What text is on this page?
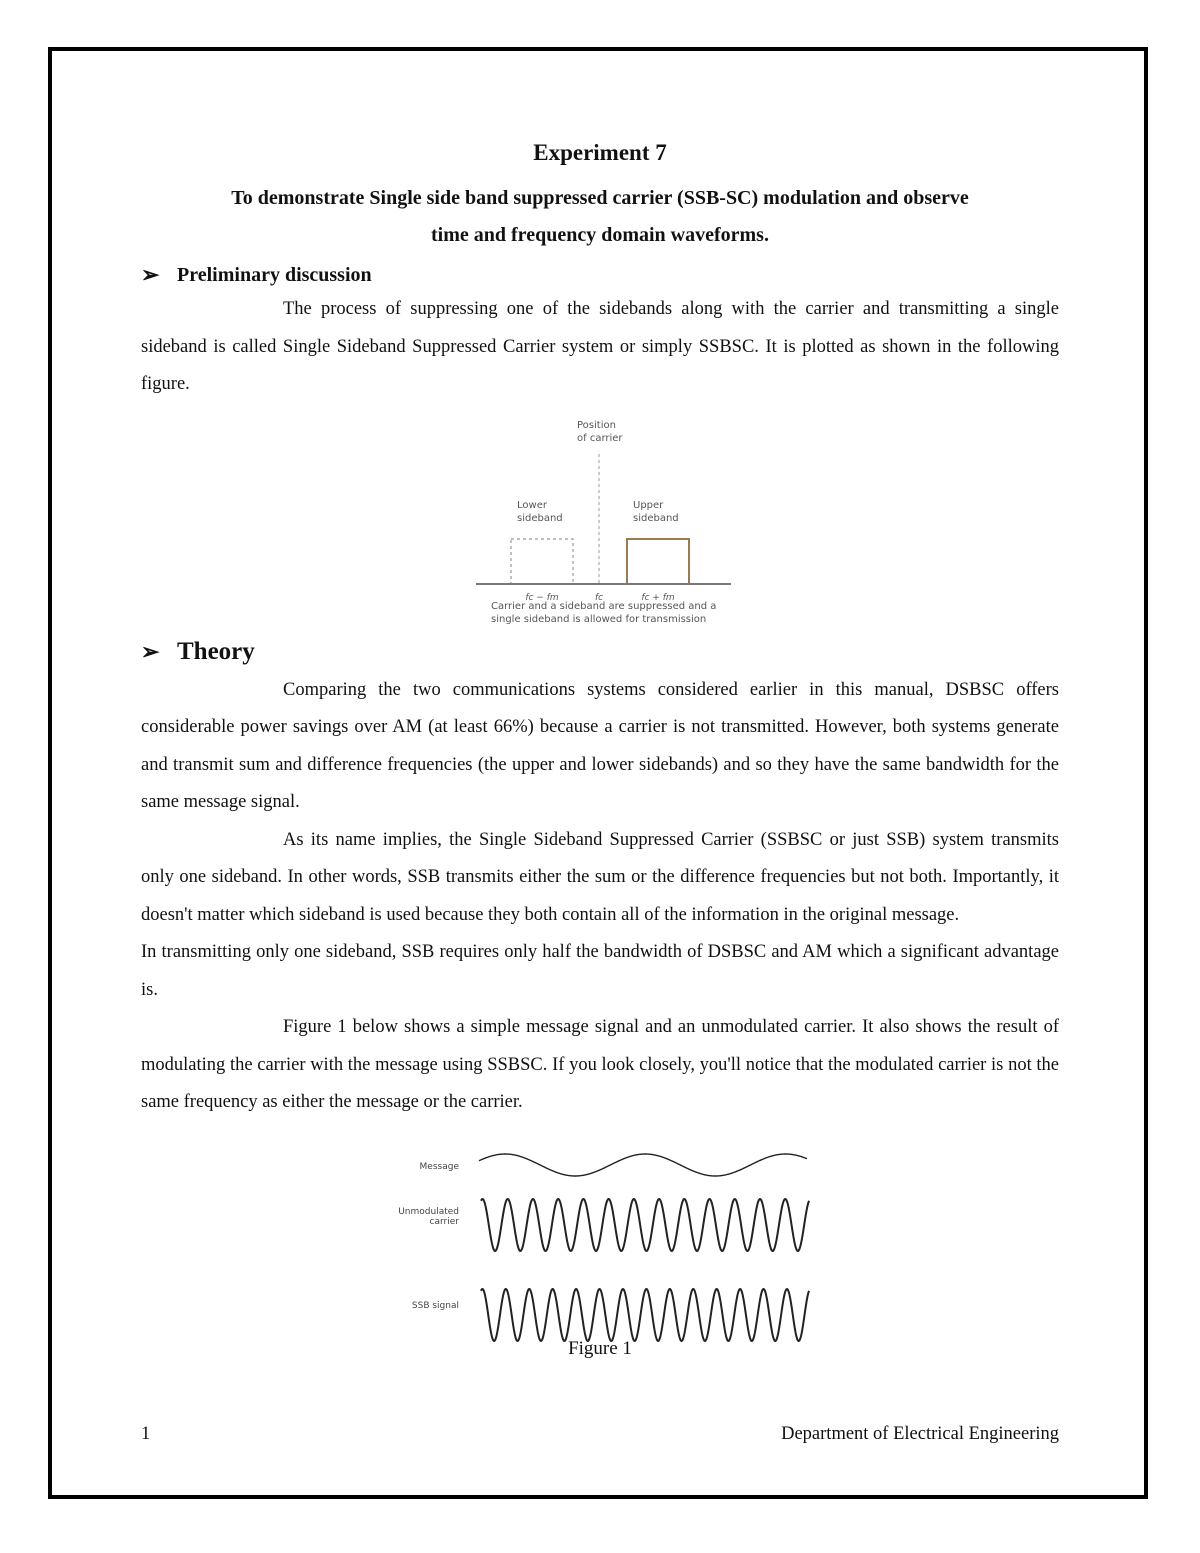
Experiment 7
To demonstrate Single side band suppressed carrier (SSB-SC) modulation and observe
time and frequency domain waveforms.
➢ Preliminary discussion

The process of suppressing one of the sidebands along with the carrier and transmitting a single sideband is called Single Sideband Suppressed Carrier system or simply SSBSC. It is plotted as shown in the following figure.

Position
of carrier
Lower
sideband
Upper
sideband
fc − fm	fc	fc + fm
Carrier and a sideband are suppressed and a
single sideband is allowed for transmission
➢ Theory

Comparing the two communications systems considered earlier in this manual, DSBSC offers considerable power savings over AM (at least 66%) because a carrier is not transmitted. However, both systems generate and transmit sum and difference frequencies (the upper and lower sidebands) and so they have the same bandwidth for the same message signal.

As its name implies, the Single Sideband Suppressed Carrier (SSBSC or just SSB) system transmits only one sideband. In other words, SSB transmits either the sum or the difference frequencies but not both. Importantly, it doesn't matter which sideband is used because they both contain all of the information in the original message.

In transmitting only one sideband, SSB requires only half the bandwidth of DSBSC and AM which a significant advantage is.

Figure 1 below shows a simple message signal and an unmodulated carrier. It also shows the result of modulating the carrier with the message using SSBSC. If you look closely, you'll notice that the modulated carrier is not the same frequency as either the message or the carrier.

Message
Unmodulated
carrier
SSB signal
Figure 1
1	Department of Electrical Engineering
